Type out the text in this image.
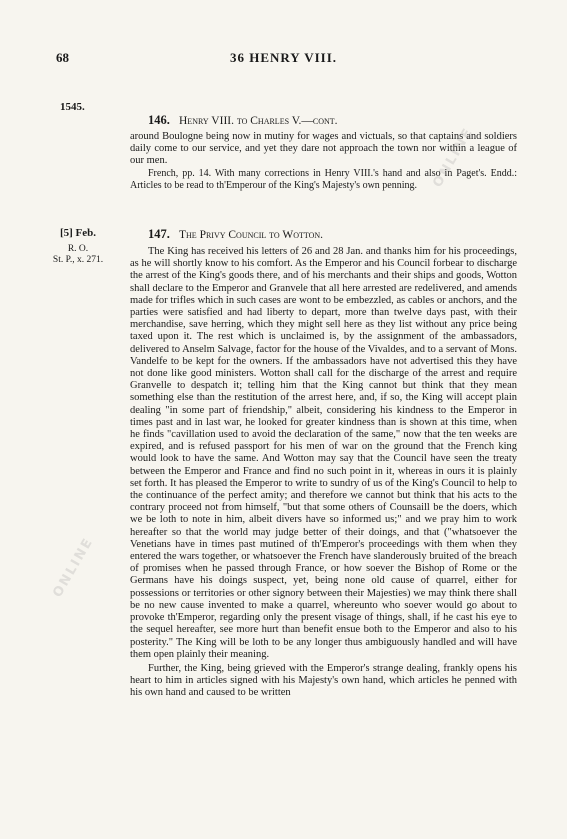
68	36 HENRY VIII.
1545.
146. Henry VIII. to Charles V.—cont.

around Boulogne being now in mutiny for wages and victuals, so that captains and soldiers daily come to our service, and yet they dare not approach the town nor within a league of our men.

French, pp. 14. With many corrections in Henry VIII.'s hand and also in Paget's. Endd.: Articles to be read to th'Emperour of the King's Majesty's own penning.
[5] Feb.
R. O.
St. P., x. 271.
147. The Privy Council to Wotton.

The King has received his letters of 26 and 28 Jan. and thanks him for his proceedings, as he will shortly know to his comfort. As the Emperor and his Council forbear to discharge the arrest of the King's goods there, and of his merchants and their ships and goods, Wotton shall declare to the Emperor and Granvele that all here arrested are redelivered, and amends made for trifles which in such cases are wont to be embezzled, as cables or anchors, and the parties were satisfied and had liberty to depart, more than twelve days past, with their merchandise, save herring, which they might sell here as they list without any price being taxed upon it. The rest which is unclaimed is, by the assignment of the ambassadors, delivered to Anselm Salvage, factor for the house of the Vivaldes, and to a servant of Mons. Vandelfe to be kept for the owners. If the ambassadors have not advertised this they have not done like good ministers. Wotton shall call for the discharge of the arrest and require Granvelle to despatch it; telling him that the King cannot but think that they mean something else than the restitution of the arrest here, and, if so, the King will accept plain dealing "in some part of friendship," albeit, considering his kindness to the Emperor in times past and in last war, he looked for greater kindness than is shown at this time, when he finds "cavillation used to avoid the declaration of the same," now that the ten weeks are expired, and is refused passport for his men of war on the ground that the French king would look to have the same. And Wotton may say that the Council have seen the treaty between the Emperor and France and find no such point in it, whereas in ours it is plainly set forth. It has pleased the Emperor to write to sundry of us of the King's Council to help to the continuance of the perfect amity; and therefore we cannot but think that his acts to the contrary proceed not from himself, "but that some others of Counsaill be the doers, which we be loth to note in him, albeit divers have so informed us;" and we pray him to work hereafter so that the world may judge better of their doings, and that ("whatsoever the Venetians have in times past mutined of th'Emperor's proceedings with them when they entered the wars together, or whatsoever the French have slanderously bruited of the breach of promises when he passed through France, or how soever the Bishop of Rome or the Germans have his doings suspect, yet, being none old cause of quarrel, either for possessions or territories or other signory between their Majesties) we may think there shall be no new cause invented to make a quarrel, whereunto who soever would go about to provoke th'Emperor, regarding only the present visage of things, shall, if he cast his eye to the sequel hereafter, see more hurt than benefit ensue both to the Emperor and also to his posterity." The King will be loth to be any longer thus ambiguously handled and will have them open plainly their meaning.

Further, the King, being grieved with the Emperor's strange dealing, frankly opens his heart to him in articles signed with his Majesty's own hand, which articles he penned with his own hand and caused to be written

ONLINE
ONLINE
